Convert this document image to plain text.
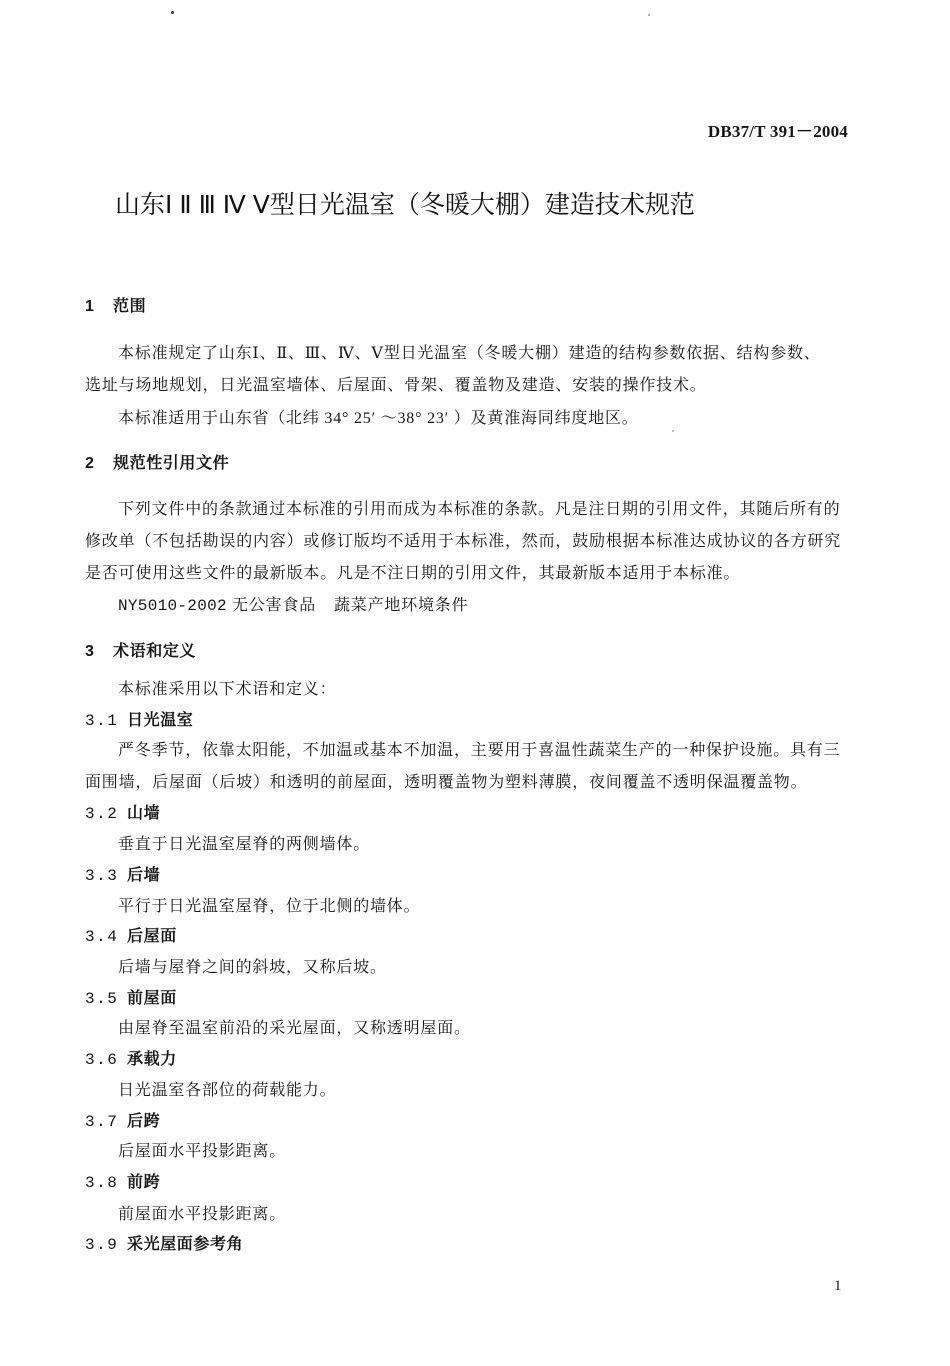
DB37/T 391－2004
山东Ⅰ Ⅱ Ⅲ Ⅳ Ⅴ型日光温室（冬暖大棚）建造技术规范
1 范围
本标准规定了山东Ⅰ、Ⅱ、Ⅲ、Ⅳ、Ⅴ型日光温室（冬暖大棚）建造的结构参数依据、结构参数、
选址与场地规划，日光温室墙体、后屋面、骨架、覆盖物及建造、安装的操作技术。
本标准适用于山东省（北纬 34° 25′ ～38° 23′ ）及黄淮海同纬度地区。
2 规范性引用文件
下列文件中的条款通过本标准的引用而成为本标准的条款。凡是注日期的引用文件，其随后所有的
修改单（不包括勘误的内容）或修订版均不适用于本标准，然而，鼓励根据本标准达成协议的各方研究
是否可使用这些文件的最新版本。凡是不注日期的引用文件，其最新版本适用于本标准。
NY5010-2002 无公害食品 蔬菜产地环境条件
3 术语和定义
本标准采用以下术语和定义：
3.1 日光温室
严冬季节，依靠太阳能，不加温或基本不加温，主要用于喜温性蔬菜生产的一种保护设施。具有三
面围墙，后屋面（后坡）和透明的前屋面，透明覆盖物为塑料薄膜，夜间覆盖不透明保温覆盖物。
3.2 山墙
垂直于日光温室屋脊的两侧墙体。
3.3 后墙
平行于日光温室屋脊，位于北侧的墙体。
3.4 后屋面
后墙与屋脊之间的斜坡，又称后坡。
3.5 前屋面
由屋脊至温室前沿的采光屋面，又称透明屋面。
3.6 承载力
日光温室各部位的荷载能力。
3.7 后跨
后屋面水平投影距离。
3.8 前跨
前屋面水平投影距离。
3.9 采光屋面参考角
1
